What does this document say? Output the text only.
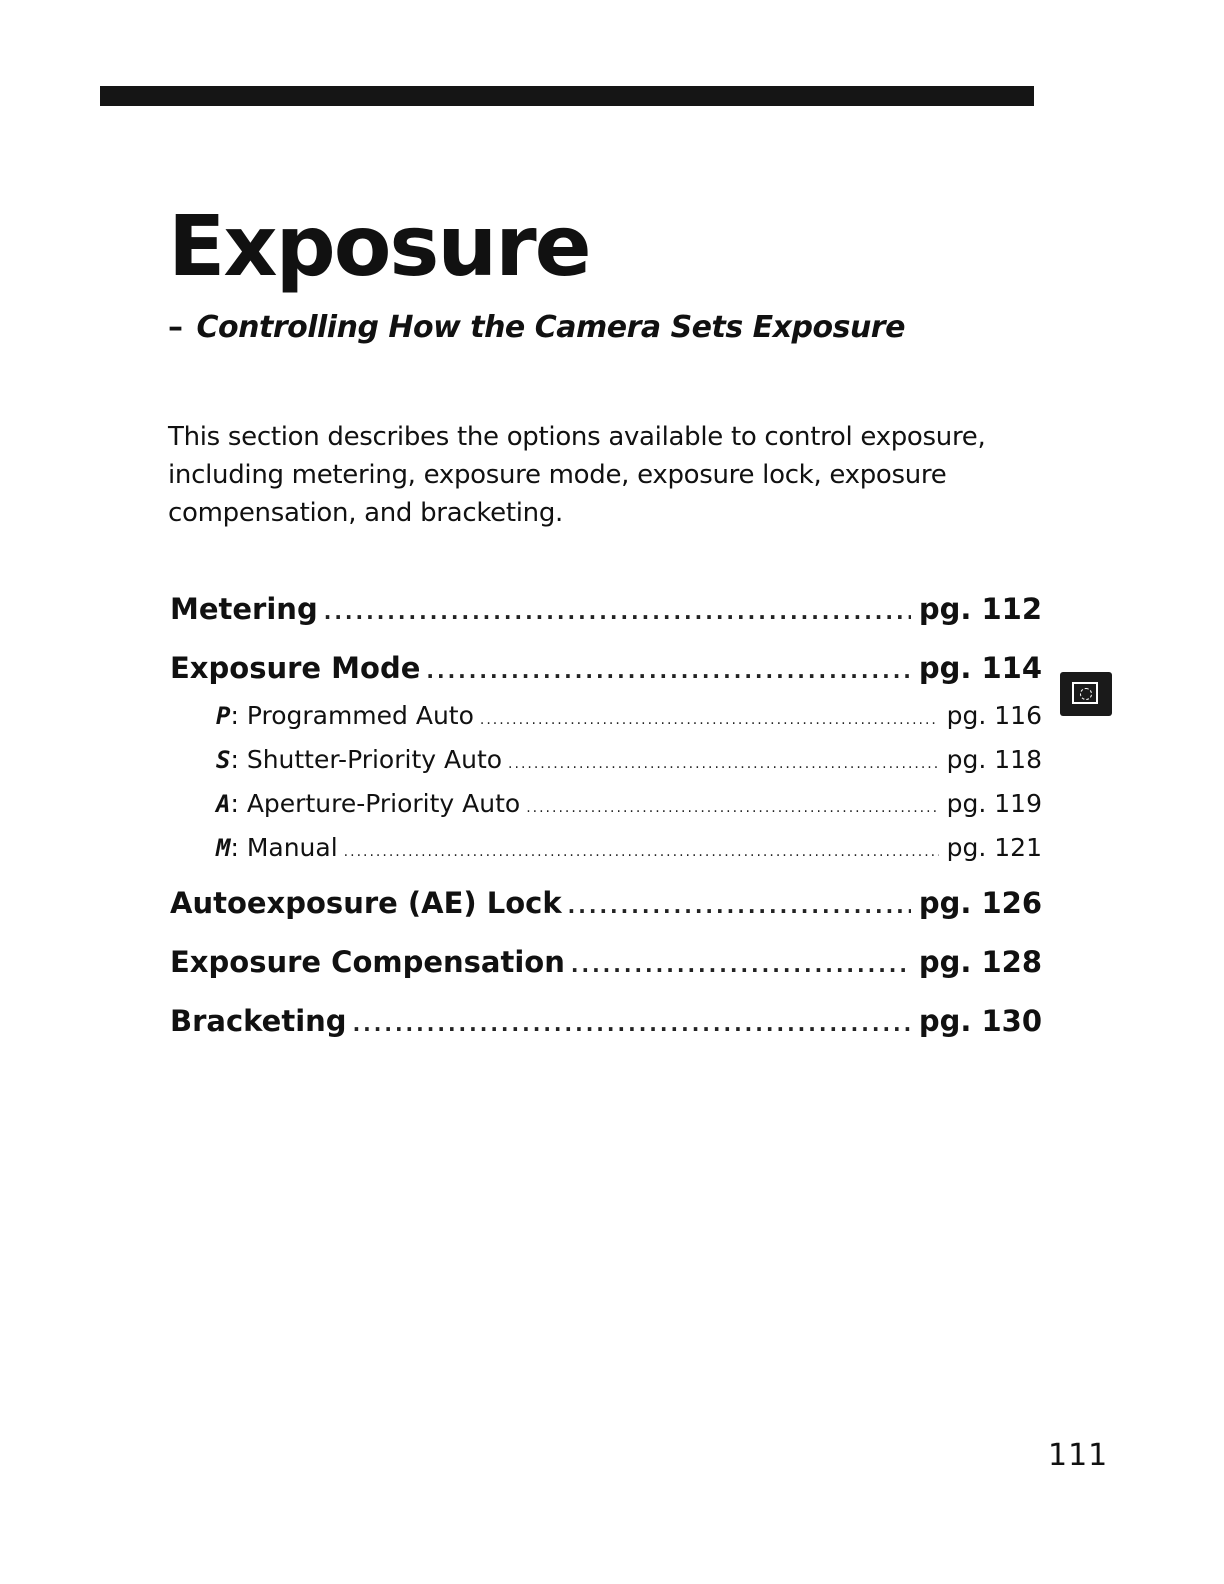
Exposure
– Controlling How the Camera Sets Exposure

This section describes the options available to control exposure, including metering, exposure mode, exposure lock, exposure compensation, and bracketing.

Metering .....	pg. 112
Exposure Mode .....	pg. 114
P : Programmed Auto .....	pg. 116
S : Shutter-Priority Auto .....	pg. 118
A : Aperture-Priority Auto .....	pg. 119
M : Manual .....	pg. 121
Autoexposure (AE) Lock .....	pg. 126
Exposure Compensation .....	pg. 128
Bracketing .....	pg. 130
111
